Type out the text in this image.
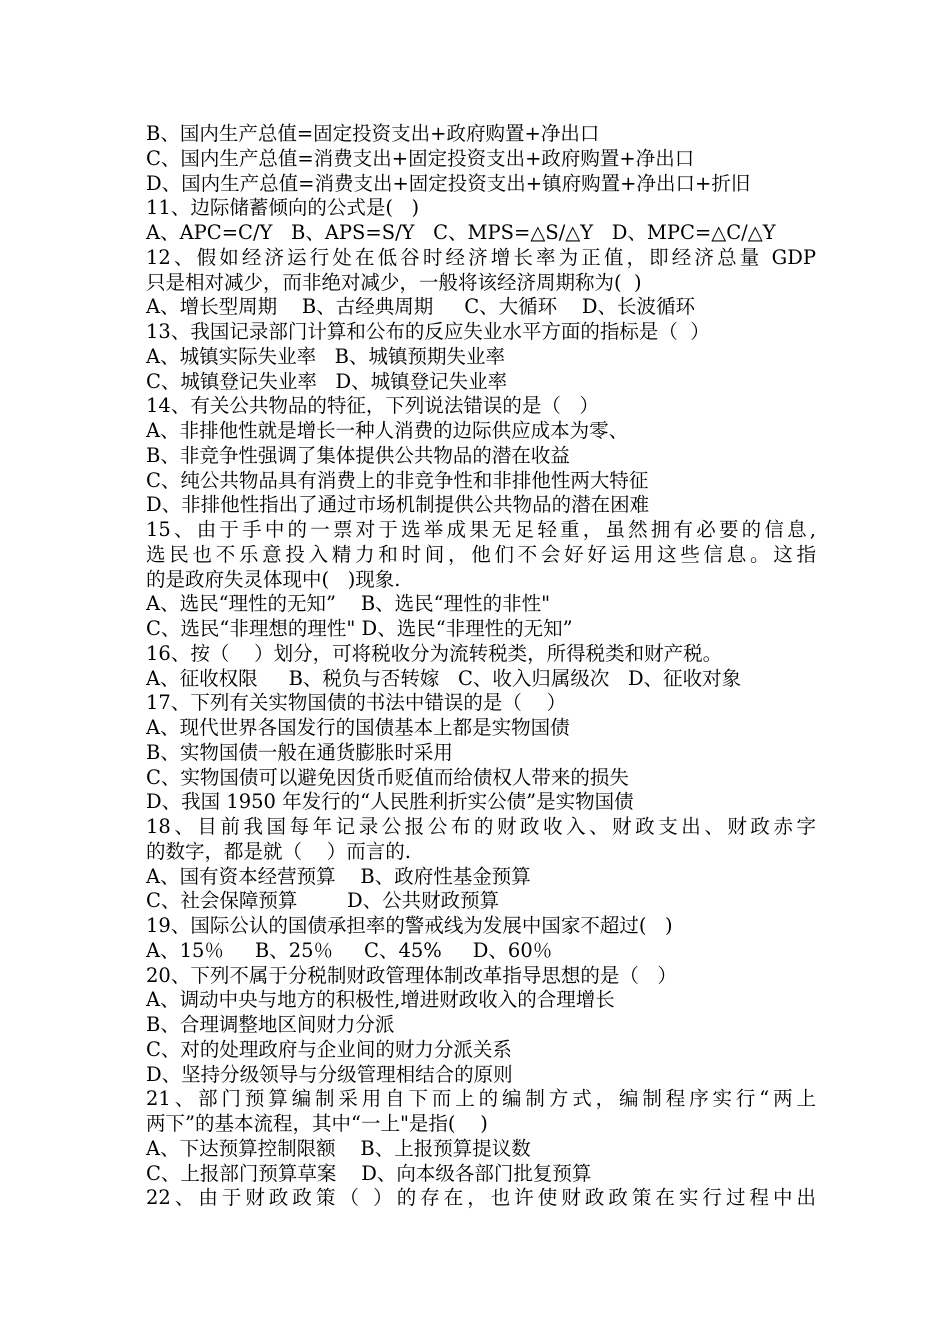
B、国内生产总值=固定投资支出+政府购置+净出口
C、国内生产总值=消费支出+固定投资支出+政府购置+净出口
D、国内生产总值=消费支出+固定投资支出+镇府购置+净出口+折旧
11、边际储蓄倾向的公式是(   )
A、APC=C/Y   B、APS=S/Y   C、MPS=△S/△Y   D、MPC=△C/△Y
12、假如经济运行处在低谷时经济增长率为正值，即经济总量 GDP
只是相对减少，而非绝对减少，一般将该经济周期称为(  )
A、增长型周期    B、古经典周期     C、大循环    D、长波循环
13、我国记录部门计算和公布的反应失业水平方面的指标是（  ）
A、城镇实际失业率   B、城镇预期失业率
C、城镇登记失业率   D、城镇登记失业率
14、有关公共物品的特征，下列说法错误的是（   ）
A、非排他性就是增长一种人消费的边际供应成本为零、
B、非竞争性强调了集体提供公共物品的潜在收益
C、纯公共物品具有消费上的非竞争性和非排他性两大特征
D、非排他性指出了通过市场机制提供公共物品的潜在困难
15、由于手中的一票对于选举成果无足轻重，虽然拥有必要的信息,
选民也不乐意投入精力和时间，他们不会好好运用这些信息。这指
的是政府失灵体现中(   )现象.
A、选民“理性的无知”    B、选民“理性的非性"
C、选民“非理想的理性" D、选民“非理性的无知”
16、按（    ）划分，可将税收分为流转税类，所得税类和财产税。
A、征收权限     B、税负与否转嫁   C、收入归属级次   D、征收对象
17、下列有关实物国债的书法中错误的是（    ）
A、现代世界各国发行的国债基本上都是实物国债
B、实物国债一般在通货膨胀时采用
C、实物国债可以避免因货币贬值而给债权人带来的损失
D、我国 1950 年发行的“人民胜利折实公债”是实物国债
18、目前我国每年记录公报公布的财政收入、财政支出、财政赤字
的数字，都是就（    ）而言的.
A、国有资本经营预算    B、政府性基金预算
C、社会保障预算        D、公共财政预算
19、国际公认的国债承担率的警戒线为发展中国家不超过(   )
A、15％     B、25％     C、45%     D、60％
20、下列不属于分税制财政管理体制改革指导思想的是（   ）
A、调动中央与地方的积极性,增进财政收入的合理增长
B、合理调整地区间财力分派
C、对的处理政府与企业间的财力分派关系
D、坚持分级领导与分级管理相结合的原则
21、部门预算编制采用自下而上的编制方式，编制程序实行“两上
两下”的基本流程，其中“一上"是指(    )
A、下达预算控制限额    B、上报预算提议数
C、上报部门预算草案    D、向本级各部门批复预算
22、由于财政政策（ ）的存在，也许使财政政策在实行过程中出
